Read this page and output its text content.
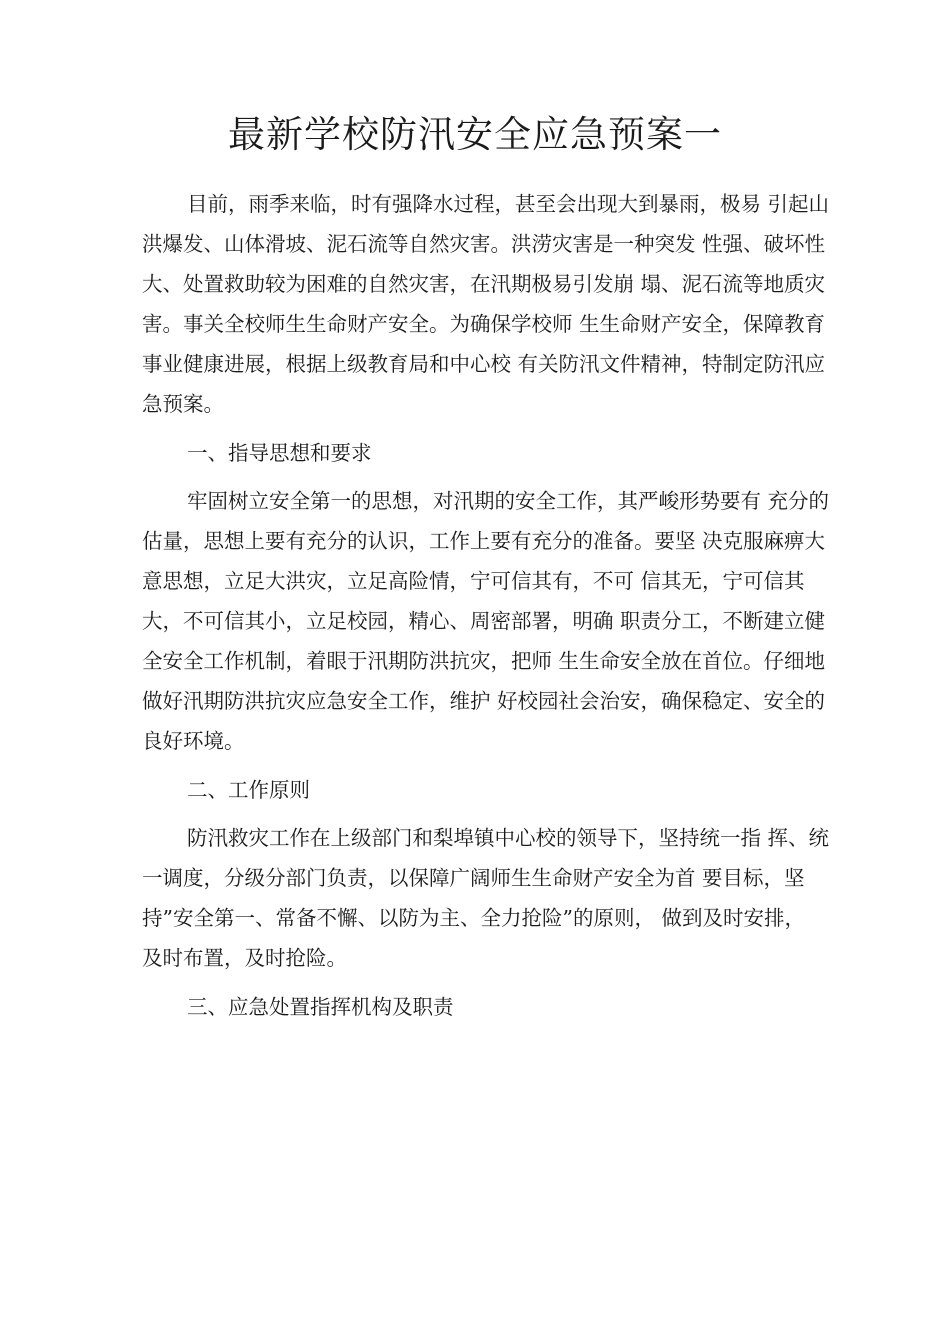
最新学校防汛安全应急预案一
目前，雨季来临，时有强降水过程，甚至会出现大到暴雨，极易 引起山
洪爆发、山体滑坡、泥石流等自然灾害。洪涝灾害是一种突发 性强、破坏性
大、处置救助较为困难的自然灾害，在汛期极易引发崩 塌、泥石流等地质灾
害。事关全校师生生命财产安全。为确保学校师 生生命财产安全，保障教育
事业健康进展，根据上级教育局和中心校 有关防汛文件精神，特制定防汛应
急预案。
一、指导思想和要求
牢固树立安全第一的思想，对汛期的安全工作，其严峻形势要有 充分的
估量，思想上要有充分的认识，工作上要有充分的准备。要坚 决克服麻痹大
意思想，立足大洪灾，立足高险情，宁可信其有，不可 信其无，宁可信其
大，不可信其小，立足校园，精心、周密部署，明确 职责分工，不断建立健
全安全工作机制，着眼于汛期防洪抗灾，把师 生生命安全放在首位。仔细地
做好汛期防洪抗灾应急安全工作，维护 好校园社会治安，确保稳定、安全的
良好环境。
二、工作原则
防汛救灾工作在上级部门和梨埠镇中心校的领导下，坚持统一指 挥、统
一调度，分级分部门负责，以保障广阔师生生命财产安全为首 要目标，坚
持”安全第一、常备不懈、以防为主、全力抢险”的原则， 做到及时安排，
及时布置，及时抢险。
三、应急处置指挥机构及职责
